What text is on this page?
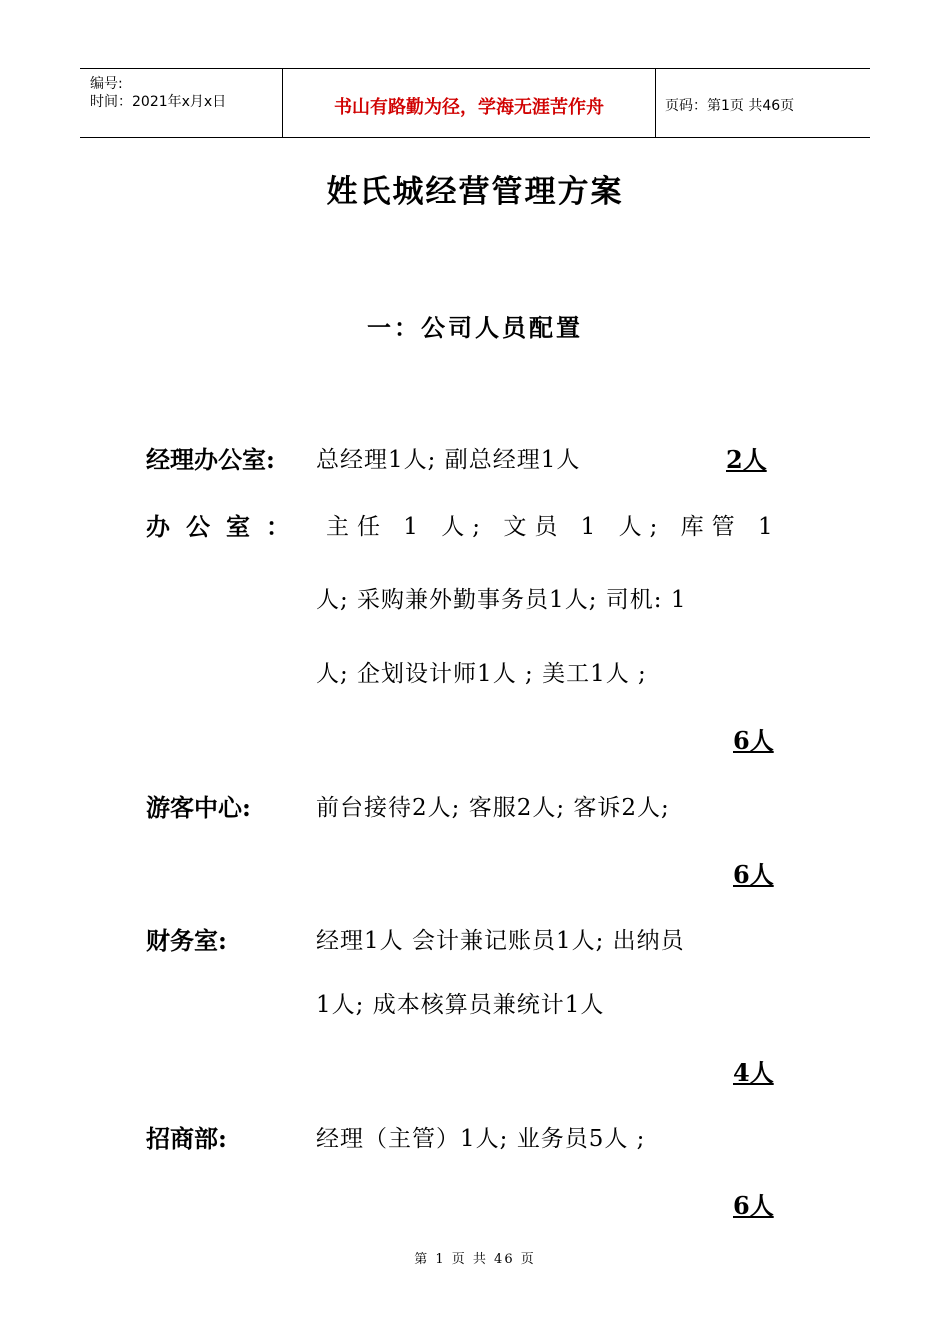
编号:
时间：2021年x月x日	书山有路勤为径，学海无涯苦作舟	页码：第1页 共46页
姓氏城经营管理方案
一：公司人员配置
经理办公室: 总经理1人; 副总经理1人	2人
办公室： 主任 1 人; 文员 1 人; 库管 1
人; 采购兼外勤事务员1人; 司机: 1
人; 企划设计师1人 ; 美工1人 ;
6人
游客中心:	前台接待2人; 客服2人; 客诉2人;
6人
财务室:	经理1人 会计兼记账员1人; 出纳员
1人; 成本核算员兼统计1人
4人
招商部:	经理（主管）1人; 业务员5人 ;
6人
第 1 页 共 46 页
